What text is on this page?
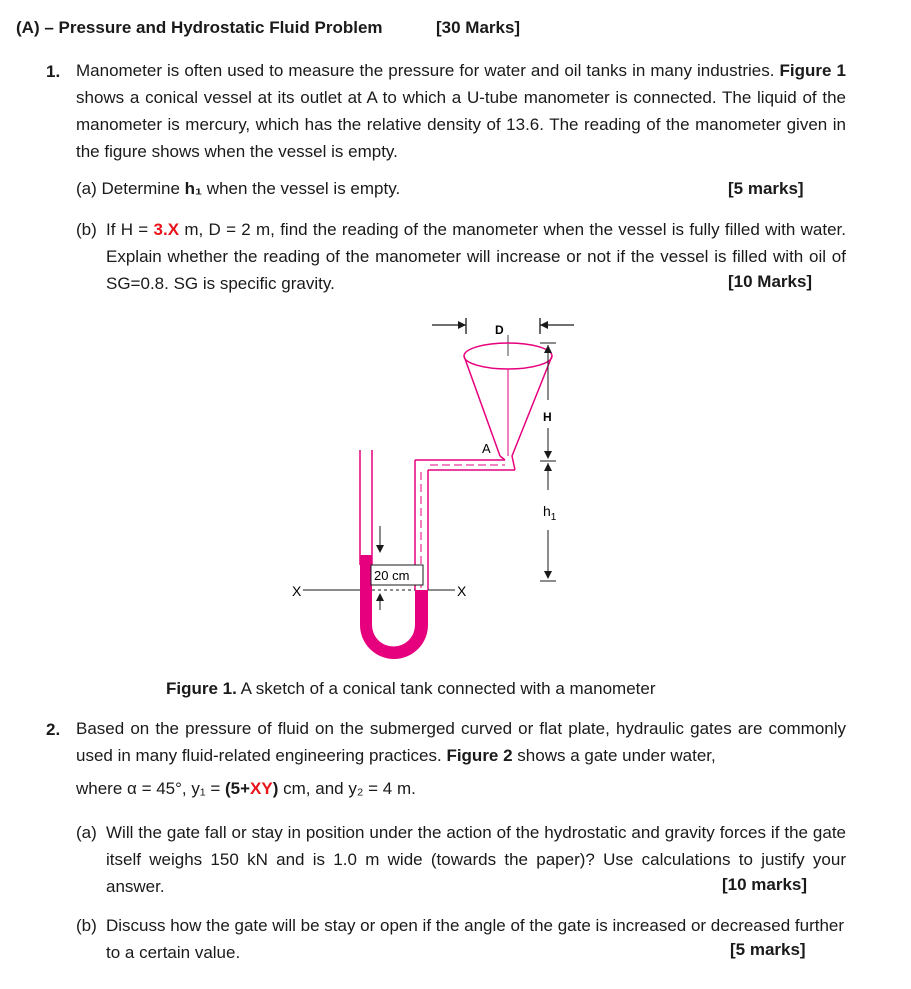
(A) – Pressure and Hydrostatic Fluid Problem	[30 Marks]
1. Manometer is often used to measure the pressure for water and oil tanks in many industries. Figure 1 shows a conical vessel at its outlet at A to which a U-tube manometer is connected. The liquid of the manometer is mercury, which has the relative density of 13.6. The reading of the manometer given in the figure shows when the vessel is empty.
(a) Determine h₁ when the vessel is empty.	[5 marks]
(b) If H = 3.X m, D = 2 m, find the reading of the manometer when the vessel is fully filled with water. Explain whether the reading of the manometer will increase or not if the vessel is filled with oil of SG=0.8. SG is specific gravity.	[10 Marks]
D
A
X	X
20 cm
H
$h_1$
Figure 1. A sketch of a conical tank connected with a manometer
2. Based on the pressure of fluid on the submerged curved or flat plate, hydraulic gates are commonly used in many fluid-related engineering practices. Figure 2 shows a gate under water,
where α = 45°, y₁ = (5+XY) cm, and y₂ = 4 m.
(a) Will the gate fall or stay in position under the action of the hydrostatic and gravity forces if the gate itself weighs 150 kN and is 1.0 m wide (towards the paper)? Use calculations to justify your answer.	[10 marks]
(b) Discuss how the gate will be stay or open if the angle of the gate is increased or decreased further to a certain value.	[5 marks]
